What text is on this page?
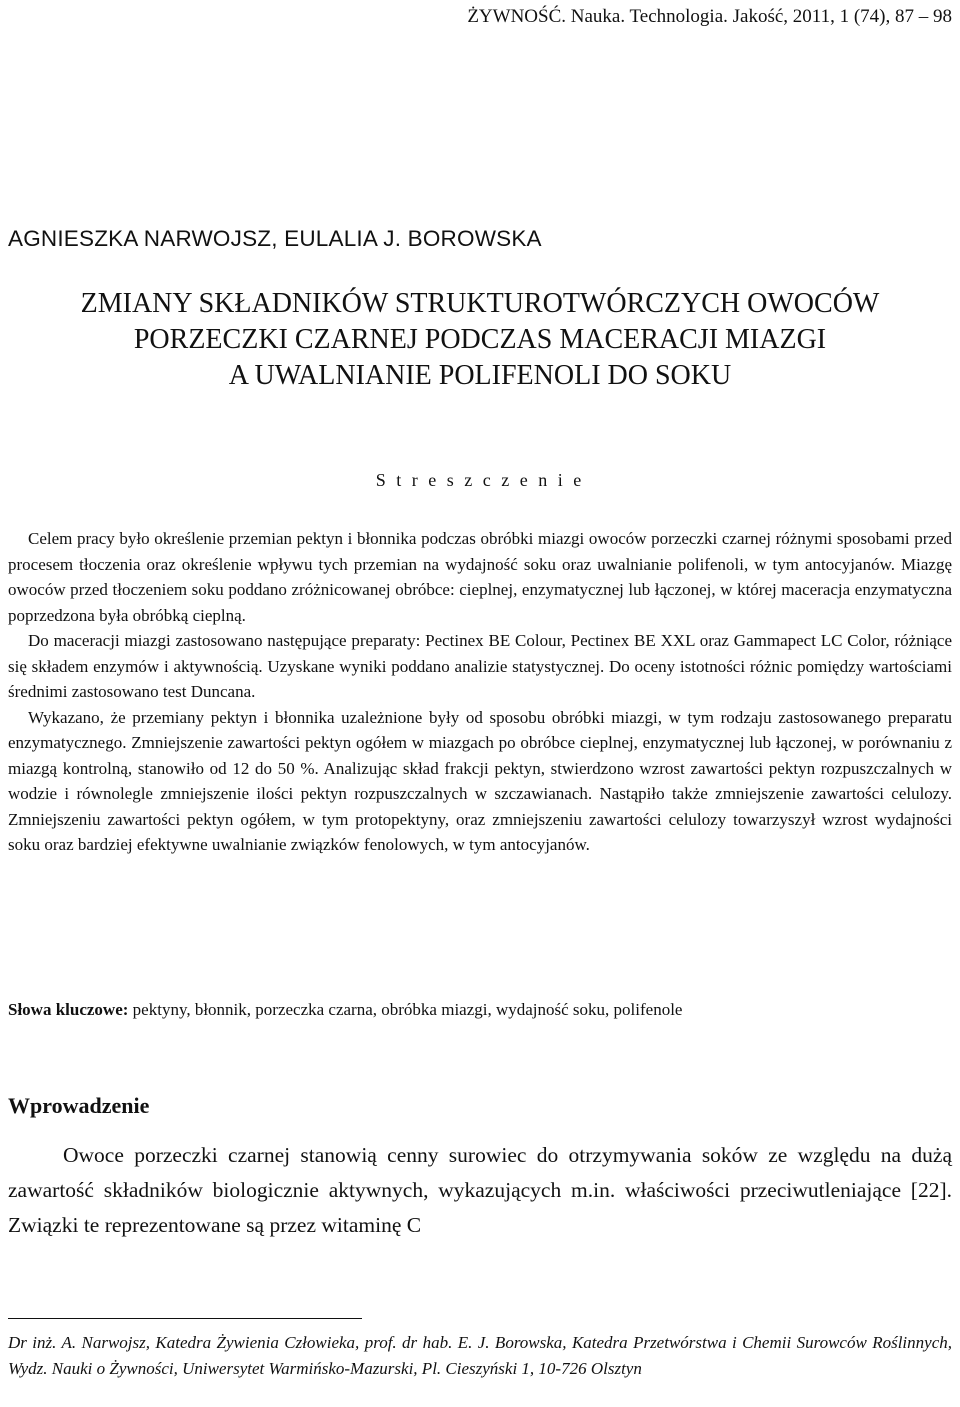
ŻYWNOŚĆ. Nauka. Technologia. Jakość, 2011, 1 (74), 87 – 98
AGNIESZKA NARWOJSZ, EULALIA J. BOROWSKA
ZMIANY SKŁADNIKÓW STRUKTUROTWÓRCZYCH OWOCÓW
PORZECZKI CZARNEJ PODCZAS MACERACJI MIAZGI
A UWALNIANIE POLIFENOLI DO SOKU
S t r e s z c z e n i e

Celem pracy było określenie przemian pektyn i błonnika podczas obróbki miazgi owoców porzeczki czarnej różnymi sposobami przed procesem tłoczenia oraz określenie wpływu tych przemian na wydajność soku oraz uwalnianie polifenoli, w tym antocyjanów. Miazgę owoców przed tłoczeniem soku poddano zróżnicowanej obróbce: cieplnej, enzymatycznej lub łączonej, w której maceracja enzymatyczna poprzedzona była obróbką cieplną.

Do maceracji miazgi zastosowano następujące preparaty: Pectinex BE Colour, Pectinex BE XXL oraz Gammapect LC Color, różniące się składem enzymów i aktywnością. Uzyskane wyniki poddano analizie statystycznej. Do oceny istotności różnic pomiędzy wartościami średnimi zastosowano test Duncana.

Wykazano, że przemiany pektyn i błonnika uzależnione były od sposobu obróbki miazgi, w tym rodzaju zastosowanego preparatu enzymatycznego. Zmniejszenie zawartości pektyn ogółem w miazgach po obróbce cieplnej, enzymatycznej lub łączonej, w porównaniu z miazgą kontrolną, stanowiło od 12 do 50 %. Analizując skład frakcji pektyn, stwierdzono wzrost zawartości pektyn rozpuszczalnych w wodzie i równolegle zmniejszenie ilości pektyn rozpuszczalnych w szczawianach. Nastąpiło także zmniejszenie zawartości celulozy. Zmniejszeniu zawartości pektyn ogółem, w tym protopektyny, oraz zmniejszeniu zawartości celulozy towarzyszył wzrost wydajności soku oraz bardziej efektywne uwalnianie związków fenolowych, w tym antocyjanów.

Słowa kluczowe: pektyny, błonnik, porzeczka czarna, obróbka miazgi, wydajność soku, polifenole
Wprowadzenie

Owoce porzeczki czarnej stanowią cenny surowiec do otrzymywania soków ze względu na dużą zawartość składników biologicznie aktywnych, wykazujących m.in. właściwości przeciwutleniające [22]. Związki te reprezentowane są przez witaminę C

Dr inż. A. Narwojsz, Katedra Żywienia Człowieka, prof. dr hab. E. J. Borowska, Katedra Przetwórstwa i Chemii Surowców Roślinnych, Wydz. Nauki o Żywności, Uniwersytet Warmińsko-Mazurski, Pl. Cieszyński 1, 10-726 Olsztyn
